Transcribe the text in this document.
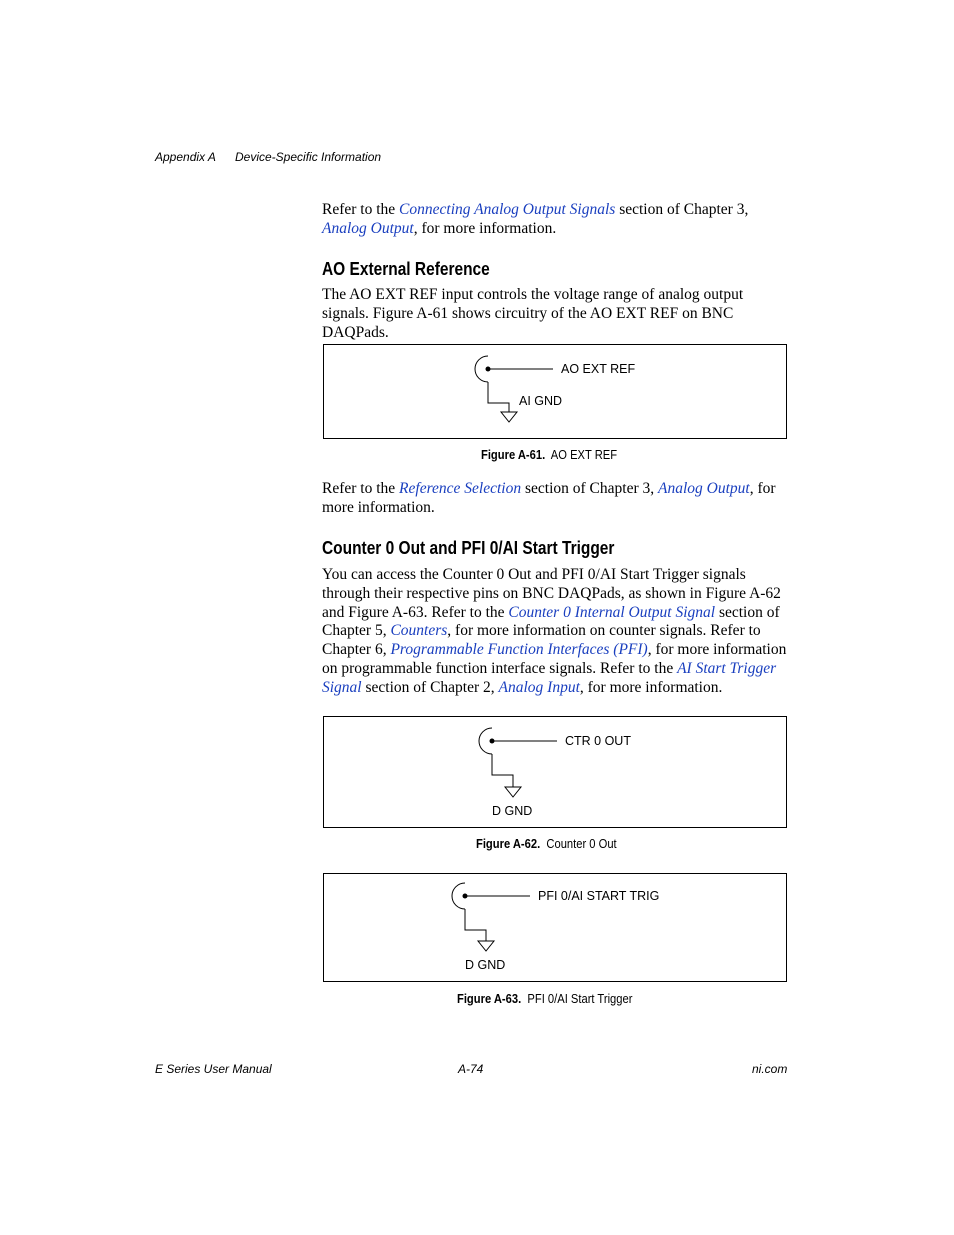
Appendix A Device-Specific Information
Refer to the Connecting Analog Output Signals section of Chapter 3, Analog Output, for more information.
AO External Reference
The AO EXT REF input controls the voltage range of analog output signals. Figure A-61 shows circuitry of the AO EXT REF on BNC DAQPads.
AO EXT REF
AI GND
Figure A-61. AO EXT REF
Refer to the Reference Selection section of Chapter 3, Analog Output, for more information.
Counter 0 Out and PFI 0/AI Start Trigger
You can access the Counter 0 Out and PFI 0/AI Start Trigger signals through their respective pins on BNC DAQPads, as shown in Figure A-62 and Figure A-63. Refer to the Counter 0 Internal Output Signal section of Chapter 5, Counters, for more information on counter signals. Refer to Chapter 6, Programmable Function Interfaces (PFI), for more information on programmable function interface signals. Refer to the AI Start Trigger Signal section of Chapter 2, Analog Input, for more information.
CTR 0 OUT
D GND
Figure A-62. Counter 0 Out
PFI 0/AI START TRIG
D GND
Figure A-63. PFI 0/AI Start Trigger
E Series User Manual	A-74	ni.com
